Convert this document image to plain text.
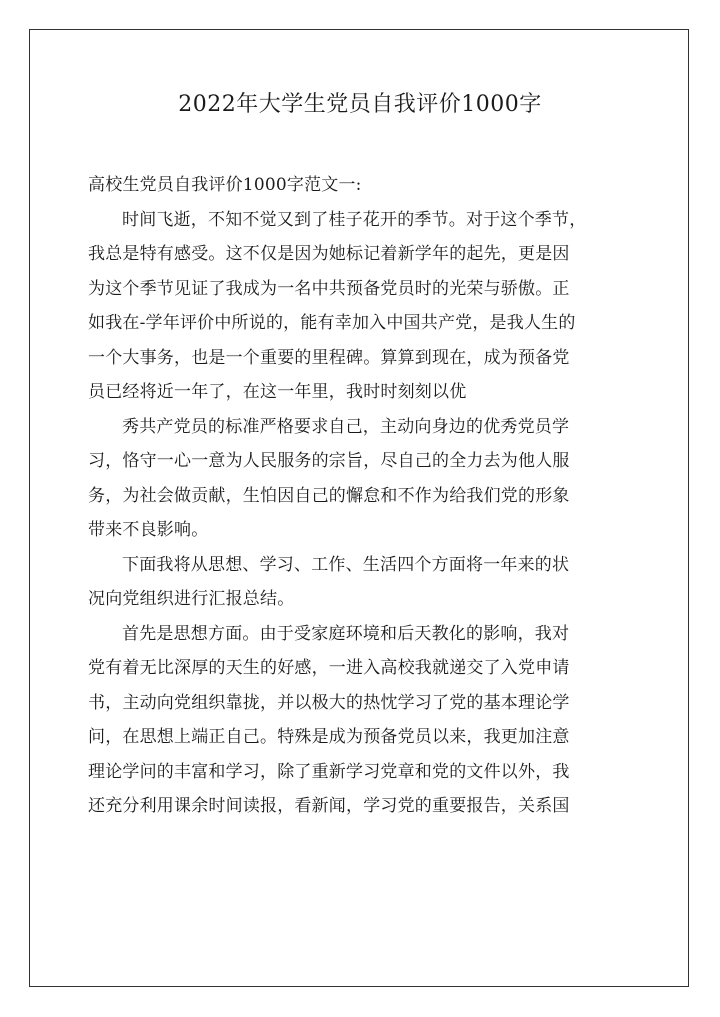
2022年大学生党员自我评价1000字
高校生党员自我评价1000字范文一:
时间飞逝，不知不觉又到了桂子花开的季节。对于这个季节，
我总是特有感受。这不仅是因为她标记着新学年的起先，更是因
为这个季节见证了我成为一名中共预备党员时的光荣与骄傲。正
如我在-学年评价中所说的，能有幸加入中国共产党，是我人生的
一个大事务，也是一个重要的里程碑。算算到现在，成为预备党
员已经将近一年了，在这一年里，我时时刻刻以优
秀共产党员的标准严格要求自己，主动向身边的优秀党员学
习，恪守一心一意为人民服务的宗旨，尽自己的全力去为他人服
务，为社会做贡献，生怕因自己的懈怠和不作为给我们党的形象
带来不良影响。
下面我将从思想、学习、工作、生活四个方面将一年来的状
况向党组织进行汇报总结。
首先是思想方面。由于受家庭环境和后天教化的影响，我对
党有着无比深厚的天生的好感，一进入高校我就递交了入党申请
书，主动向党组织靠拢，并以极大的热忱学习了党的基本理论学
问，在思想上端正自己。特殊是成为预备党员以来，我更加注意
理论学问的丰富和学习，除了重新学习党章和党的文件以外，我
还充分利用课余时间读报，看新闻，学习党的重要报告，关系国
